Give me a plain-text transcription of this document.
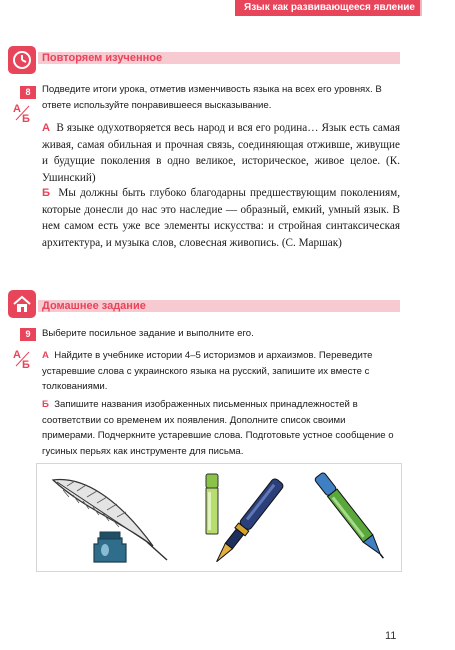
Язык как развивающееся явление
Повторяем изученное
8
А
Б
Подведите итоги урока, отметив изменчивость языка на всех его уровнях. В ответе используйте понравившееся высказывание.
А В языке одухотворяется весь народ и вся его родина… Язык есть самая живая, самая обильная и прочная связь, соединяющая отживше, живущие и будущие поколения в одно великое, историческое, живое целое. (К. Ушинский)
Б Мы должны быть глубоко благодарны предшествующим поколениям, которые донесли до нас это наследие — образный, емкий, умный язык. В нем самом есть уже все элементы искусства: и стройная синтаксическая архитектура, и музыка слов, словесная живопись. (С. Маршак)
Домашнее задание
9
А
Б
Выберите посильное задание и выполните его.
А Найдите в учебнике истории 4–5 историзмов и архаизмов. Переведите устаревшие слова с украинского языка на русский, запишите их вместе с толкованиями.
Б Запишите названия изображенных письменных принадлежностей в соответствии со временем их появления. Дополните список своими примерами. Подчеркните устаревшие слова. Подготовьте устное сообщение о гусиных перьях как инструменте для письма.
11
